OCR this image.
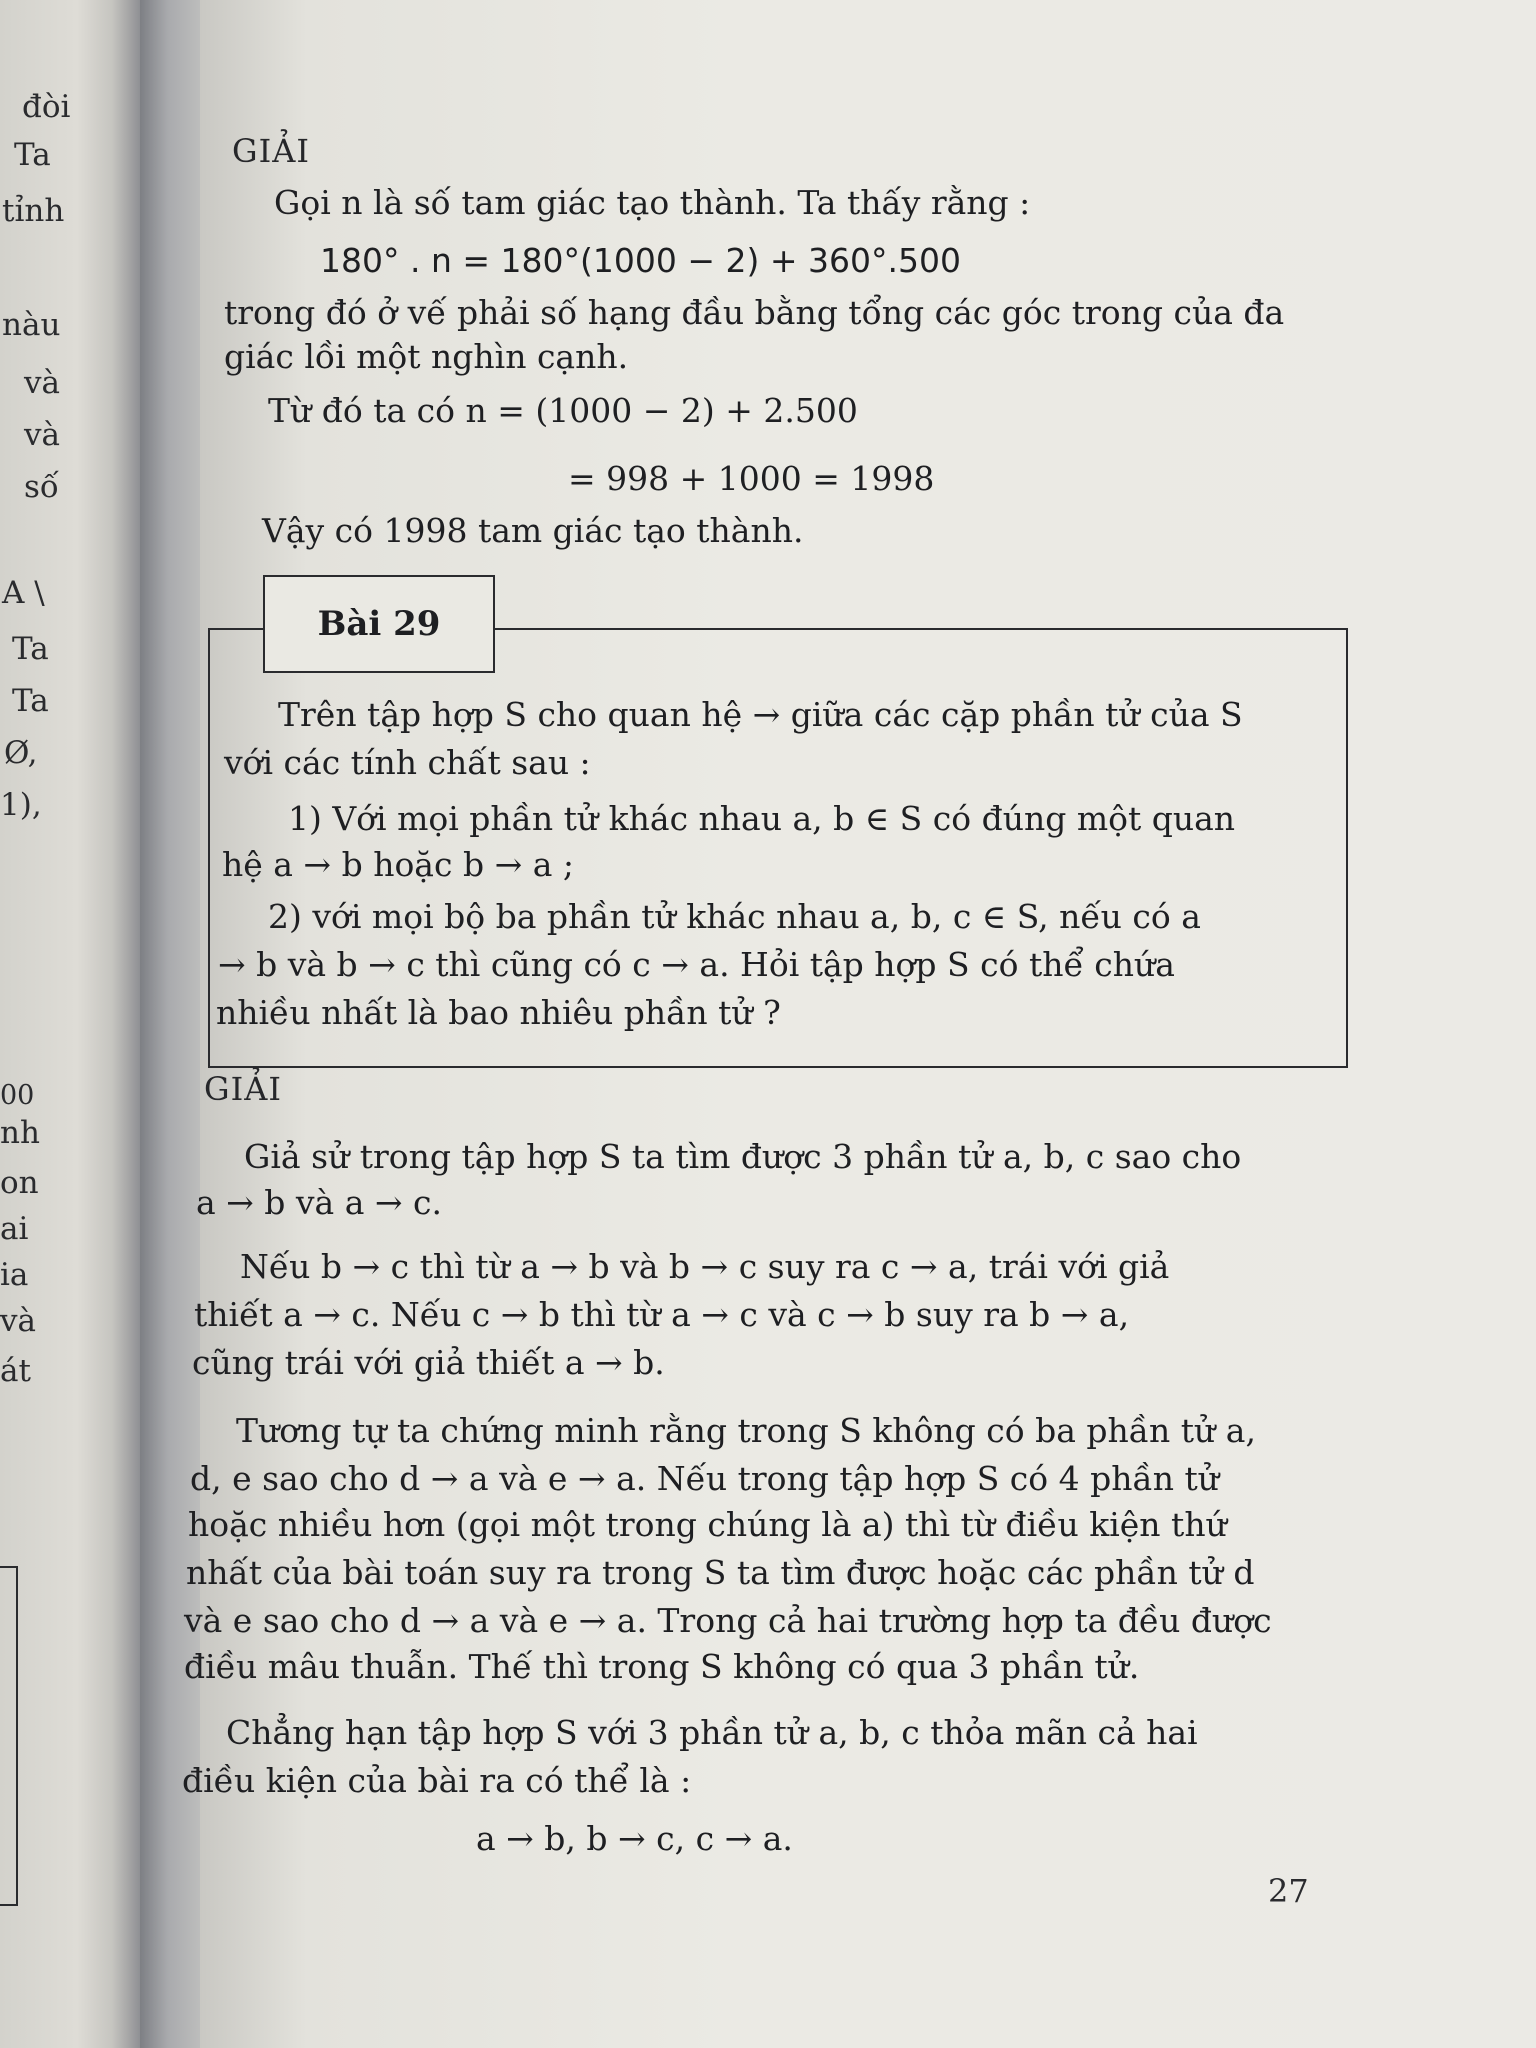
đòi
Ta
tỉnh
nàu
và
và
số
A \
Ta
Ta
Ø,
1),
00
nh
on
ai
ia
và
át
GIẢI

Gọi n là số tam giác tạo thành. Ta thấy rằng :

180° . n = 180°(1000 − 2) + 360°.500

trong đó ở vế phải số hạng đầu bằng tổng các góc trong của đa

giác lồi một nghìn cạnh.

Từ đó ta có n = (1000 − 2) + 2.500

= 998 + 1000 = 1998

Vậy có 1998 tam giác tạo thành.

Bài 29

Trên tập hợp S cho quan hệ → giữa các cặp phần tử của S

với các tính chất sau :

1) Với mọi phần tử khác nhau a, b ∈ S có đúng một quan

hệ a → b hoặc b → a ;

2) với mọi bộ ba phần tử khác nhau a, b, c ∈ S, nếu có a

→ b và b → c thì cũng có c → a. Hỏi tập hợp S có thể chứa

nhiều nhất là bao nhiêu phần tử ?

GIẢI

Giả sử trong tập hợp S ta tìm được 3 phần tử a, b, c sao cho

a → b và a → c.

Nếu b → c thì từ a → b và b → c suy ra c → a, trái với giả

thiết a → c. Nếu c → b thì từ a → c và c → b suy ra b → a,

cũng trái với giả thiết a → b.

Tương tự ta chứng minh rằng trong S không có ba phần tử a,

d, e sao cho d → a và e → a. Nếu trong tập hợp S có 4 phần tử

hoặc nhiều hơn (gọi một trong chúng là a) thì từ điều kiện thứ

nhất của bài toán suy ra trong S ta tìm được hoặc các phần tử d

và e sao cho d → a và e → a. Trong cả hai trường hợp ta đều được

điều mâu thuẫn. Thế thì trong S không có qua 3 phần tử.

Chẳng hạn tập hợp S với 3 phần tử a, b, c thỏa mãn cả hai

điều kiện của bài ra có thể là :

a → b, b → c, c → a.

27
